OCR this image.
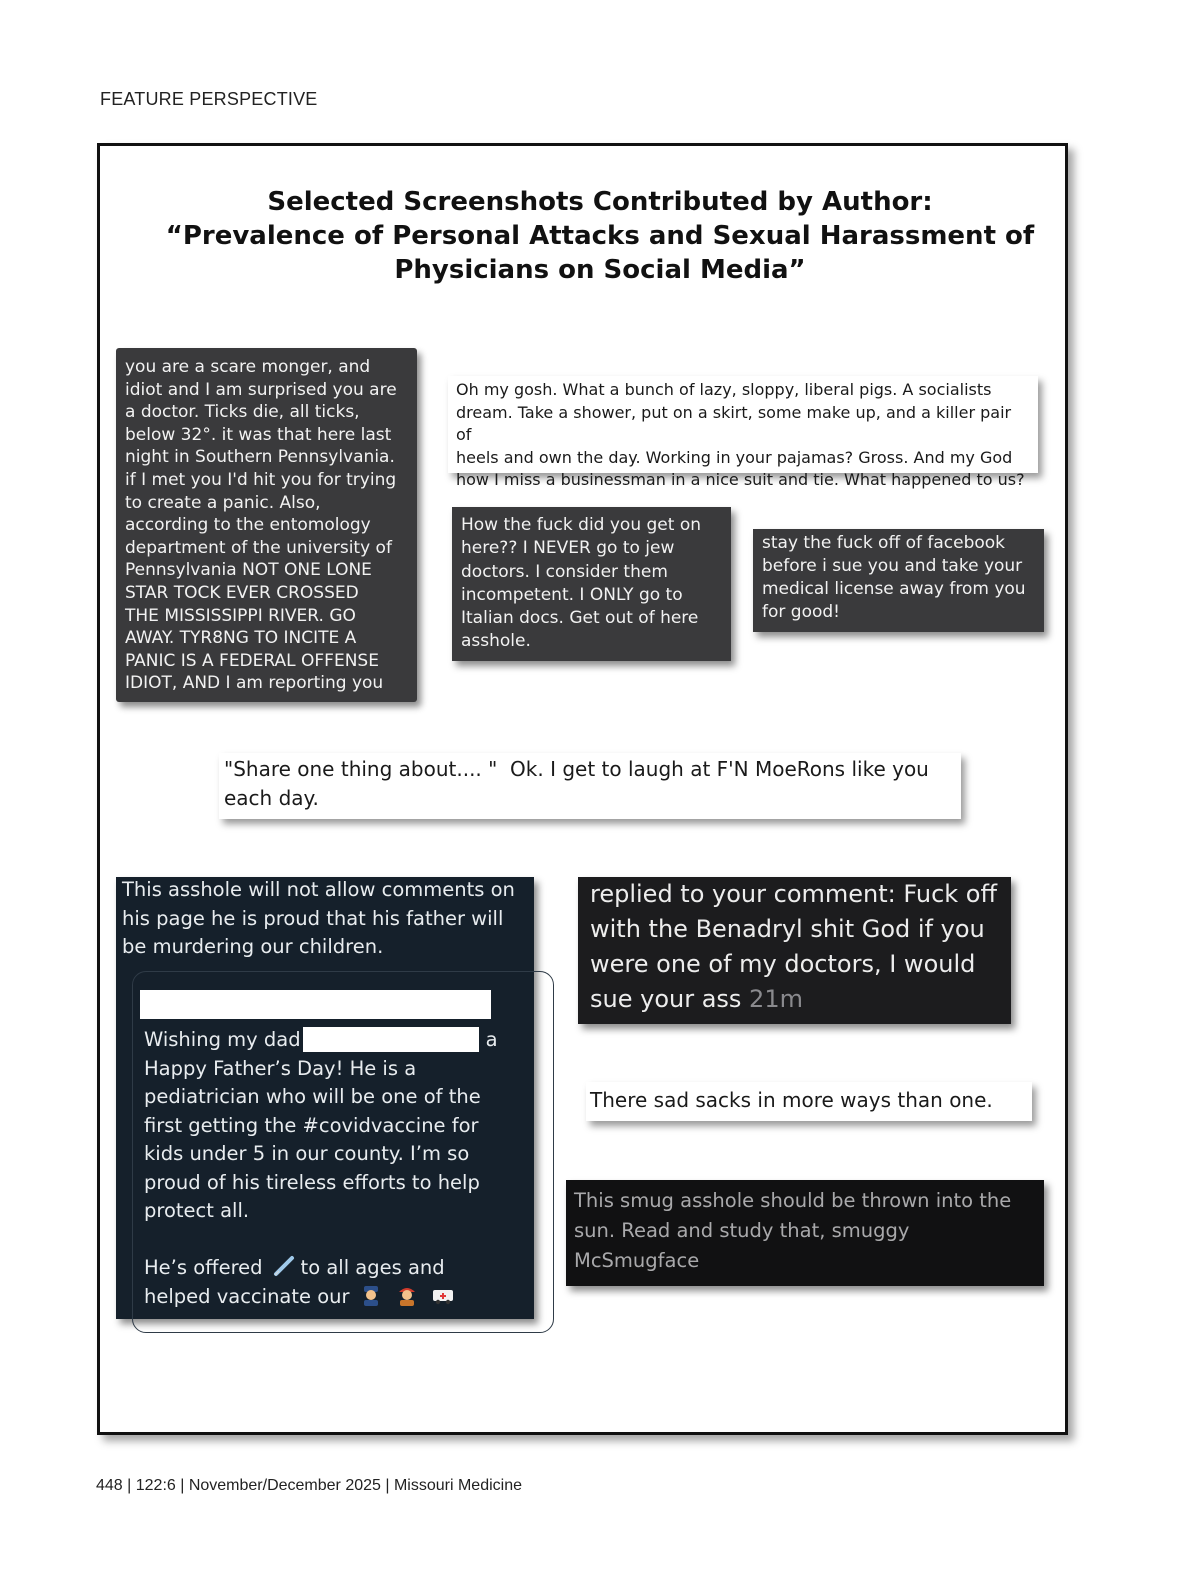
FEATURE PERSPECTIVE
Selected Screenshots Contributed by Author:
“Prevalence of Personal Attacks and Sexual Harassment of
Physicians on Social Media”
you are a scare monger, and
idiot and I am surprised you are
a doctor. Ticks die, all ticks,
below 32°. it was that here last
night in Southern Pennsylvania.
if I met you I'd hit you for trying
to create a panic. Also,
according to the entomology
department of the university of
Pennsylvania NOT ONE LONE
STAR TOCK EVER CROSSED
THE MISSISSIPPI RIVER. GO
AWAY. TYR8NG TO INCITE A
PANIC IS A FEDERAL OFFENSE
IDIOT, AND I am reporting you
Oh my gosh. What a bunch of lazy, sloppy, liberal pigs. A socialists
dream. Take a shower, put on a skirt, some make up, and a killer pair of
heels and own the day. Working in your pajamas? Gross. And my God
how I miss a businessman in a nice suit and tie. What happened to us?
How the fuck did you get on
here?? I NEVER go to jew
doctors. I consider them
incompetent. I ONLY go to
Italian docs. Get out of here
asshole.
stay the fuck off of facebook
before i sue you and take your
medical license away from you
for good!
"Share one thing about.... "  Ok. I get to laugh at F'N MoeRons like you
each day.
This asshole will not allow comments on
his page he is proud that his father will
be murdering our children.
Wishing my dad	a
Happy Father’s Day! He is a
pediatrician who will be one of the
first getting the #covidvaccine for
kids under 5 in our county. I’m so
proud of his tireless efforts to help
protect all.
He’s offered to all ages and
helped vaccinate our
replied to your comment: Fuck off
with the Benadryl shit God if you
were one of my doctors, I would
sue your ass 21m
There sad sacks in more ways than one.
This smug asshole should be thrown into the
sun. Read and study that, smuggy
McSmugface
448 | 122:6 | November/December 2025 | Missouri Medicine
